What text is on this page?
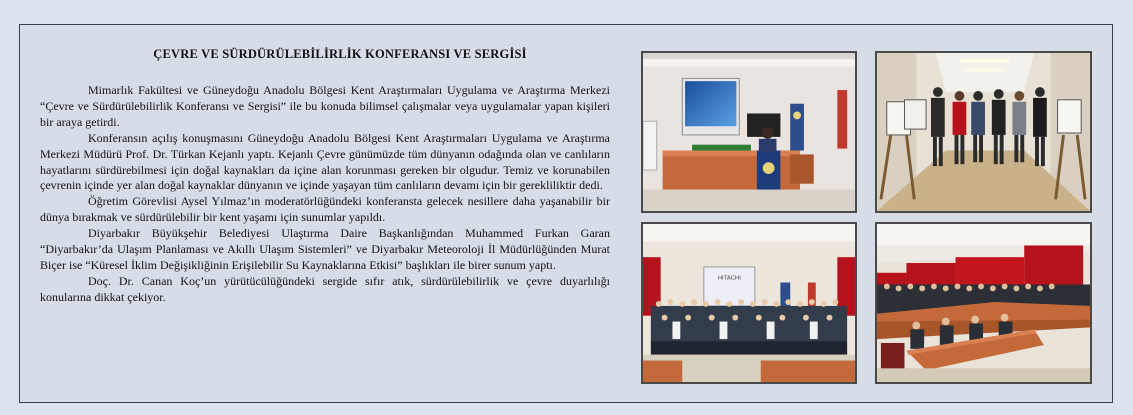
ÇEVRE VE SÜRDÜRÜLEBİLİRLİK KONFERANSI VE SERGİSİ

Mimarlık Fakültesi ve Güneydoğu Anadolu Bölgesi Kent Araştırmaları Uygulama ve Araştırma Merkezi “Çevre ve Sürdürülebilirlik Konferansı ve Sergisi” ile bu konuda bilimsel çalışmalar veya uygulamalar yapan kişileri bir araya getirdi.

Konferansın açılış konuşmasını Güneydoğu Anadolu Bölgesi Kent Araştırmaları Uygulama ve Araştırma Merkezi Müdürü Prof. Dr. Türkan Kejanlı yaptı. Kejanlı Çevre günümüzde tüm dünyanın odağında olan ve canlıların hayatlarını sürdürebilmesi için doğal kaynakları da içine alan korunması gereken bir olgudur. Temiz ve korunabilen çevrenin içinde yer alan doğal kaynaklar dünyanın ve içinde yaşayan tüm canlıların devamı için bir gerekliliktir dedi.

Öğretim Görevlisi Aysel Yılmaz’ın moderatörlüğündeki konferansta gelecek nesillere daha yaşanabilir bir dünya bırakmak ve sürdürülebilir bir kent yaşamı için sunumlar yapıldı.

Diyarbakır Büyükşehir Belediyesi Ulaştırma Daire Başkanlığından Muhammed Furkan Garan “Diyarbakır’da Ulaşım Planlaması ve Akıllı Ulaşım Sistemleri” ve Diyarbakır Meteoroloji İl Müdürlüğünden Murat Biçer ise “Küresel İklim Değişikliğinin Erişilebilir Su Kaynaklarına Etkisi” başlıkları ile birer sunum yaptı.

Doç. Dr. Canan Koç’un yürütücülüğündeki sergide sıfır atık, sürdürülebilirlik ve çevre duyarlılığı konularına dikkat çekiyor.

HITACHI
